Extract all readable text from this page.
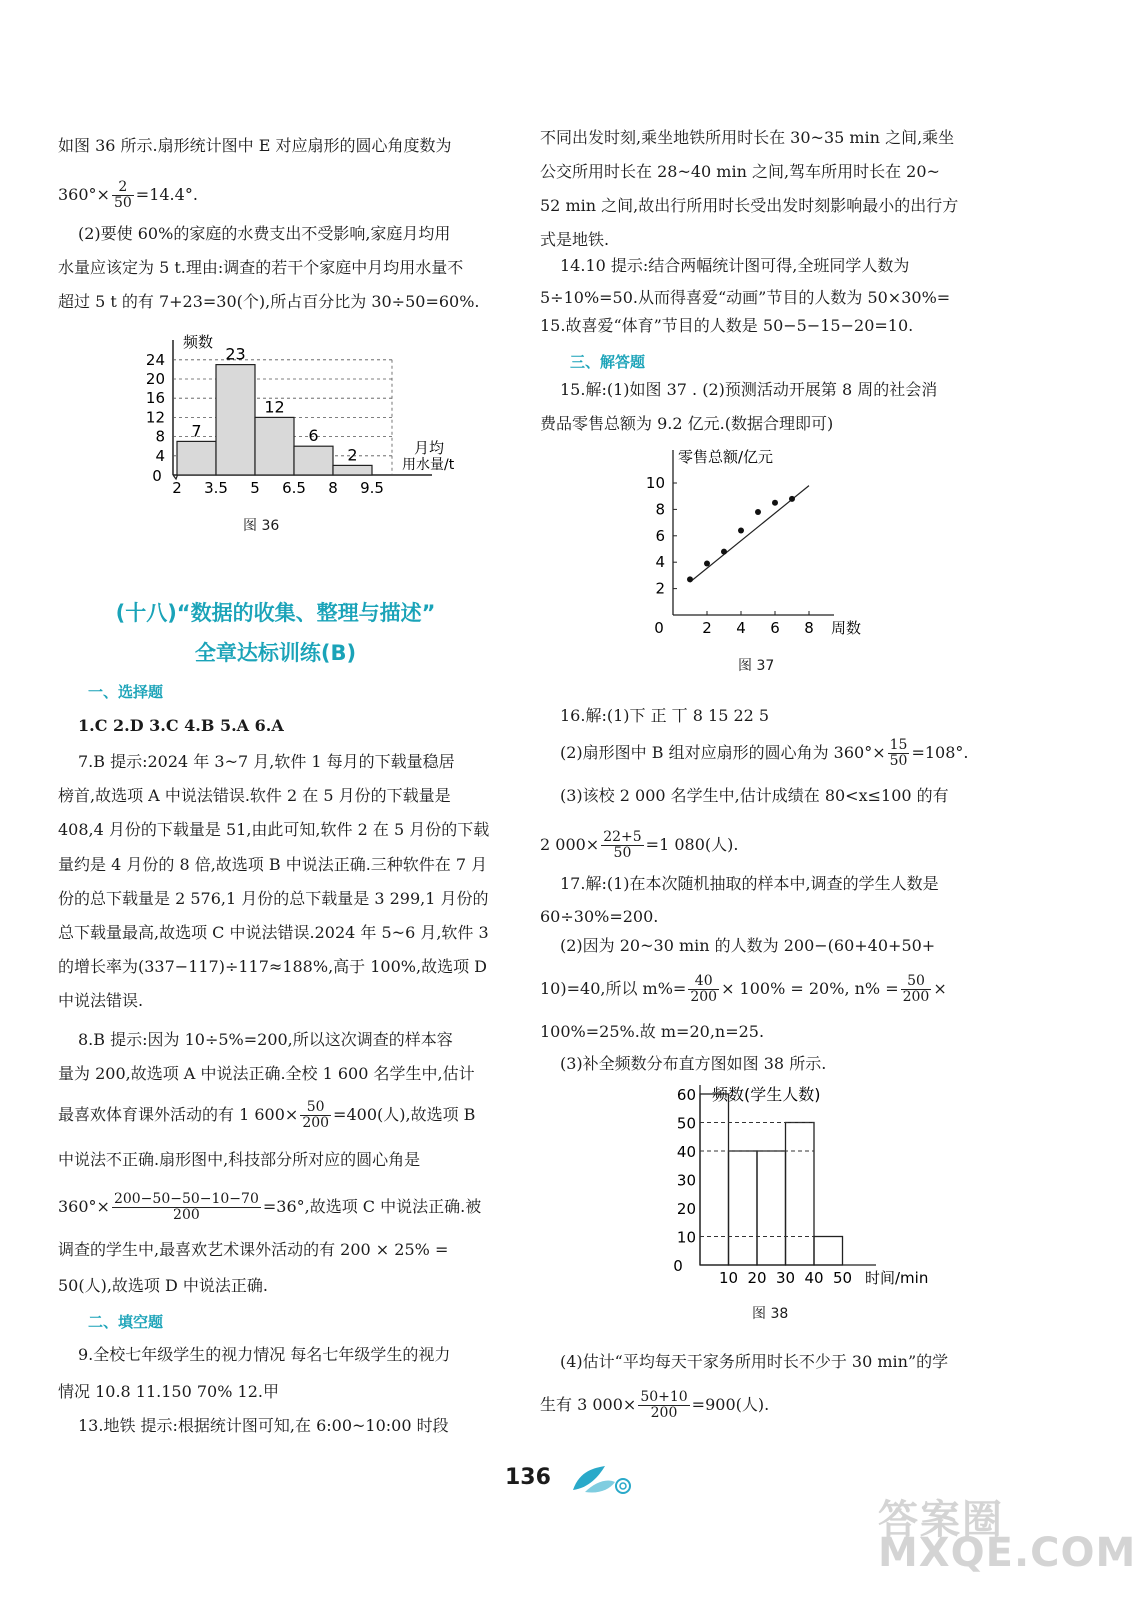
如图 36 所示.扇形统计图中 E 对应扇形的圆心角度数为
$360^\circ\times \frac{2}{50} =14.4^\circ$.
(2)要使 60%的家庭的水费支出不受影响,家庭月均用
水量应该定为 5 t.理由:调查的若干个家庭中月均用水量不
超过 5 t 的有 7+23=30(个),所占百分比为 30÷50=60%.
4
8
12
16
20
24
0
频数
月均
用水量/t
7
23
12
6
2
2 3.5 5 6.5 8 9.5
图 36
(十八)“数据的收集、整理与描述”
全章达标训练(B)
一、选择题
1.C 2.D 3.C 4.B 5.A 6.A
7.B 提示:2024 年 3~7 月,软件 1 每月的下载量稳居
榜首,故选项 A 中说法错误.软件 2 在 5 月份的下载量是
408,4 月份的下载量是 51,由此可知,软件 2 在 5 月份的下载
量约是 4 月份的 8 倍,故选项 B 中说法正确.三种软件在 7 月
份的总下载量是 2 576,1 月份的总下载量是 3 299,1 月份的
总下载量最高,故选项 C 中说法错误.2024 年 5~6 月,软件 3
的增长率为(337−117)÷117≈188%,高于 100%,故选项 D
中说法错误.
8.B 提示:因为 10÷5%=200,所以这次调查的样本容
量为 200,故选项 A 中说法正确.全校 1 600 名学生中,估计
最喜欢体育课外活动的有 1 $600\times \frac{50}{200} =400$(人),故选项 B
中说法不正确.扇形图中,科技部分所对应的圆心角是
$360^\circ\times \frac{200-50-50-10-70}{200} =36^\circ$,故选项 C 中说法正确.被
调查的学生中,最喜欢艺术课外活动的有 200 × 25% =
50(人),故选项 D 中说法正确.
二、填空题
9.全校七年级学生的视力情况 每名七年级学生的视力
情况 10.8 11.150 70% 12.甲
13.地铁 提示:根据统计图可知,在 6:00~10:00 时段
不同出发时刻,乘坐地铁所用时长在 30~35 min 之间,乘坐
公交所用时长在 28~40 min 之间,驾车所用时长在 20~
52 min 之间,故出行所用时长受出发时刻影响最小的出行方
式是地铁.
14.10 提示:结合两幅统计图可得,全班同学人数为
5÷10%=50.从而得喜爱“动画”节目的人数为 50×30%=
15.故喜爱“体育”节目的人数是 50−5−15−20=10.
三、解答题
15.解:(1)如图 37 . (2)预测活动开展第 8 周的社会消
费品零售总额为 9.2 亿元.(数据合理即可)
零售总额/亿元
周数
0
2
4
6
8
10
2 4 6 8
图 37
16.解:(1)下 正 丅 8 15 22 5
(2)扇形图中 B 组对应扇形的圆心角为 $360^\circ\times \frac{15}{50} =108^\circ$.
(3)该校 2 000 名学生中,估计成绩在 80<x≤100 的有
2 $000\times \frac{22+5}{50} =1$ 080(人).
17.解:(1)在本次随机抽取的样本中,调查的学生人数是
60÷30%=200.
(2)因为 20~30 min 的人数为 200−(60+40+50+
10)=40,所以 $m\%= \frac{40}{200} \times 100\% = 20\%$, $n\% = \frac{50}{200}$ ×
100%=25%.故 m=20,n=25.
(3)补全频数分布直方图如图 38 所示.
频数(学生人数)
0
10
20
30
40
50
60
10 20 30 40 50 时间/min
图 38
(4)估计“平均每天干家务所用时长不少于 30 min”的学
生有 3 $000\times \frac{50+10}{200} =900$(人).
136
答案圈
MXQE.COM
